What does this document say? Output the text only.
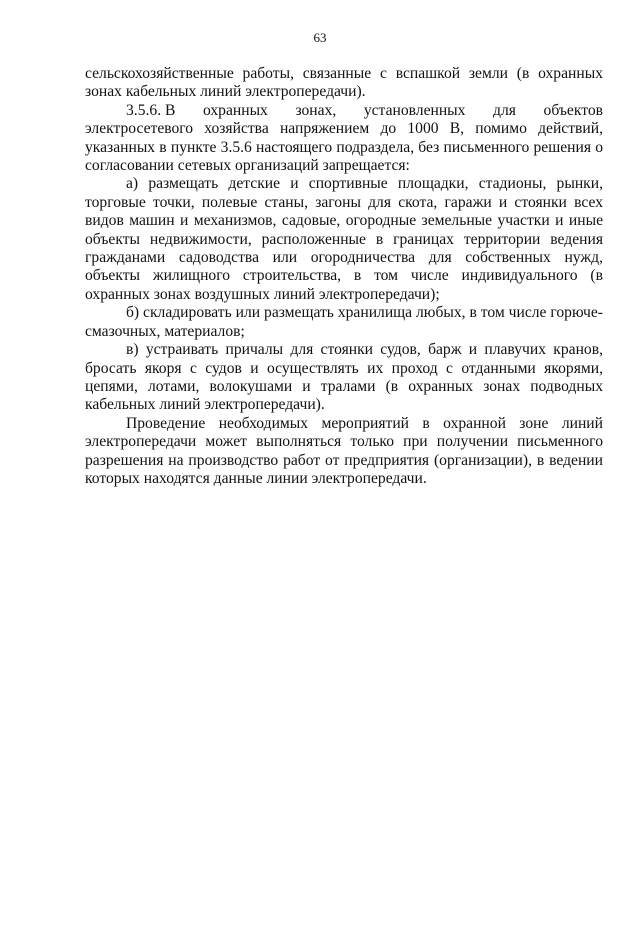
63

сельскохозяйственные работы, связанные с вспашкой земли (в охранных зонах кабельных линий электропередачи).

3.5.6. В охранных зонах, установленных для объектов

электросетевого хозяйства напряжением до 1000 В, помимо действий, указанных в пункте 3.5.6 настоящего подраздела, без письменного решения о согласовании сетевых организаций запрещается:

а) размещать детские и спортивные площадки, стадионы, рынки, торговые точки, полевые станы, загоны для скота, гаражи и стоянки всех видов машин и механизмов, садовые, огородные земельные участки и иные объекты недвижимости, расположенные в границах территории ведения гражданами садоводства или огородничества для собственных нужд, объекты жилищного строительства, в том числе индивидуального (в охранных зонах воздушных линий электропередачи);

б) складировать или размещать хранилища любых, в том числе горюче-смазочных, материалов;

в) устраивать причалы для стоянки судов, барж и плавучих кранов, бросать якоря с судов и осуществлять их проход с отданными якорями, цепями, лотами, волокушами и тралами (в охранных зонах подводных кабельных линий электропередачи).

Проведение необходимых мероприятий в охранной зоне линий электропередачи может выполняться только при получении письменного разрешения на производство работ от предприятия (организации), в ведении которых находятся данные линии электропередачи.
